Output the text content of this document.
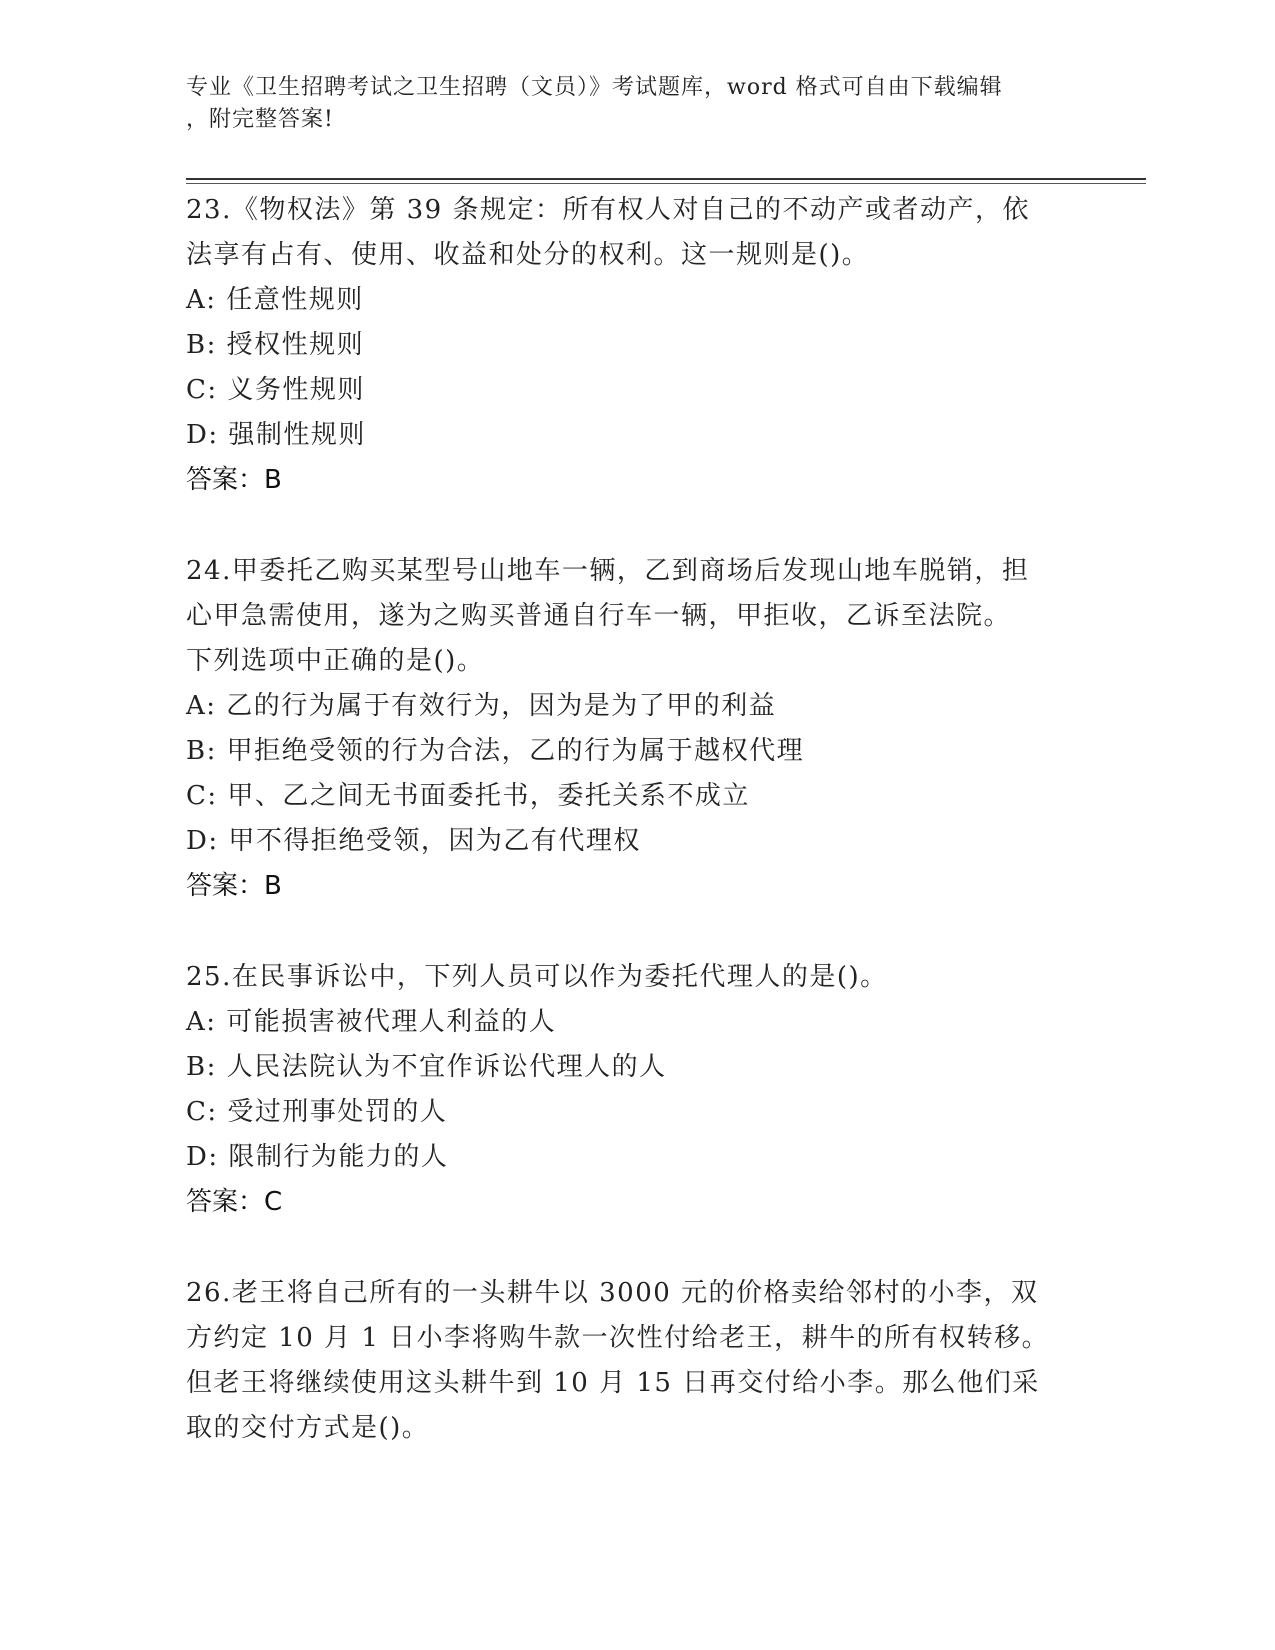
专业《卫生招聘考试之卫生招聘（文员）》考试题库，word 格式可自由下载编辑
，附完整答案!
23.《物权法》第 39 条规定：所有权人对自己的不动产或者动产，依
法享有占有、使用、收益和处分的权利。这一规则是()。
A: 任意性规则
B: 授权性规则
C: 义务性规则
D: 强制性规则
答案：B
24.甲委托乙购买某型号山地车一辆，乙到商场后发现山地车脱销，担
心甲急需使用，遂为之购买普通自行车一辆，甲拒收，乙诉至法院。
下列选项中正确的是()。
A: 乙的行为属于有效行为，因为是为了甲的利益
B: 甲拒绝受领的行为合法，乙的行为属于越权代理
C: 甲、乙之间无书面委托书，委托关系不成立
D: 甲不得拒绝受领，因为乙有代理权
答案：B
25.在民事诉讼中，下列人员可以作为委托代理人的是()。
A: 可能损害被代理人利益的人
B: 人民法院认为不宜作诉讼代理人的人
C: 受过刑事处罚的人
D: 限制行为能力的人
答案：C
26.老王将自己所有的一头耕牛以 3000 元的价格卖给邻村的小李，双
方约定 10 月 1 日小李将购牛款一次性付给老王，耕牛的所有权转移。
但老王将继续使用这头耕牛到 10 月 15 日再交付给小李。那么他们采
取的交付方式是()。
